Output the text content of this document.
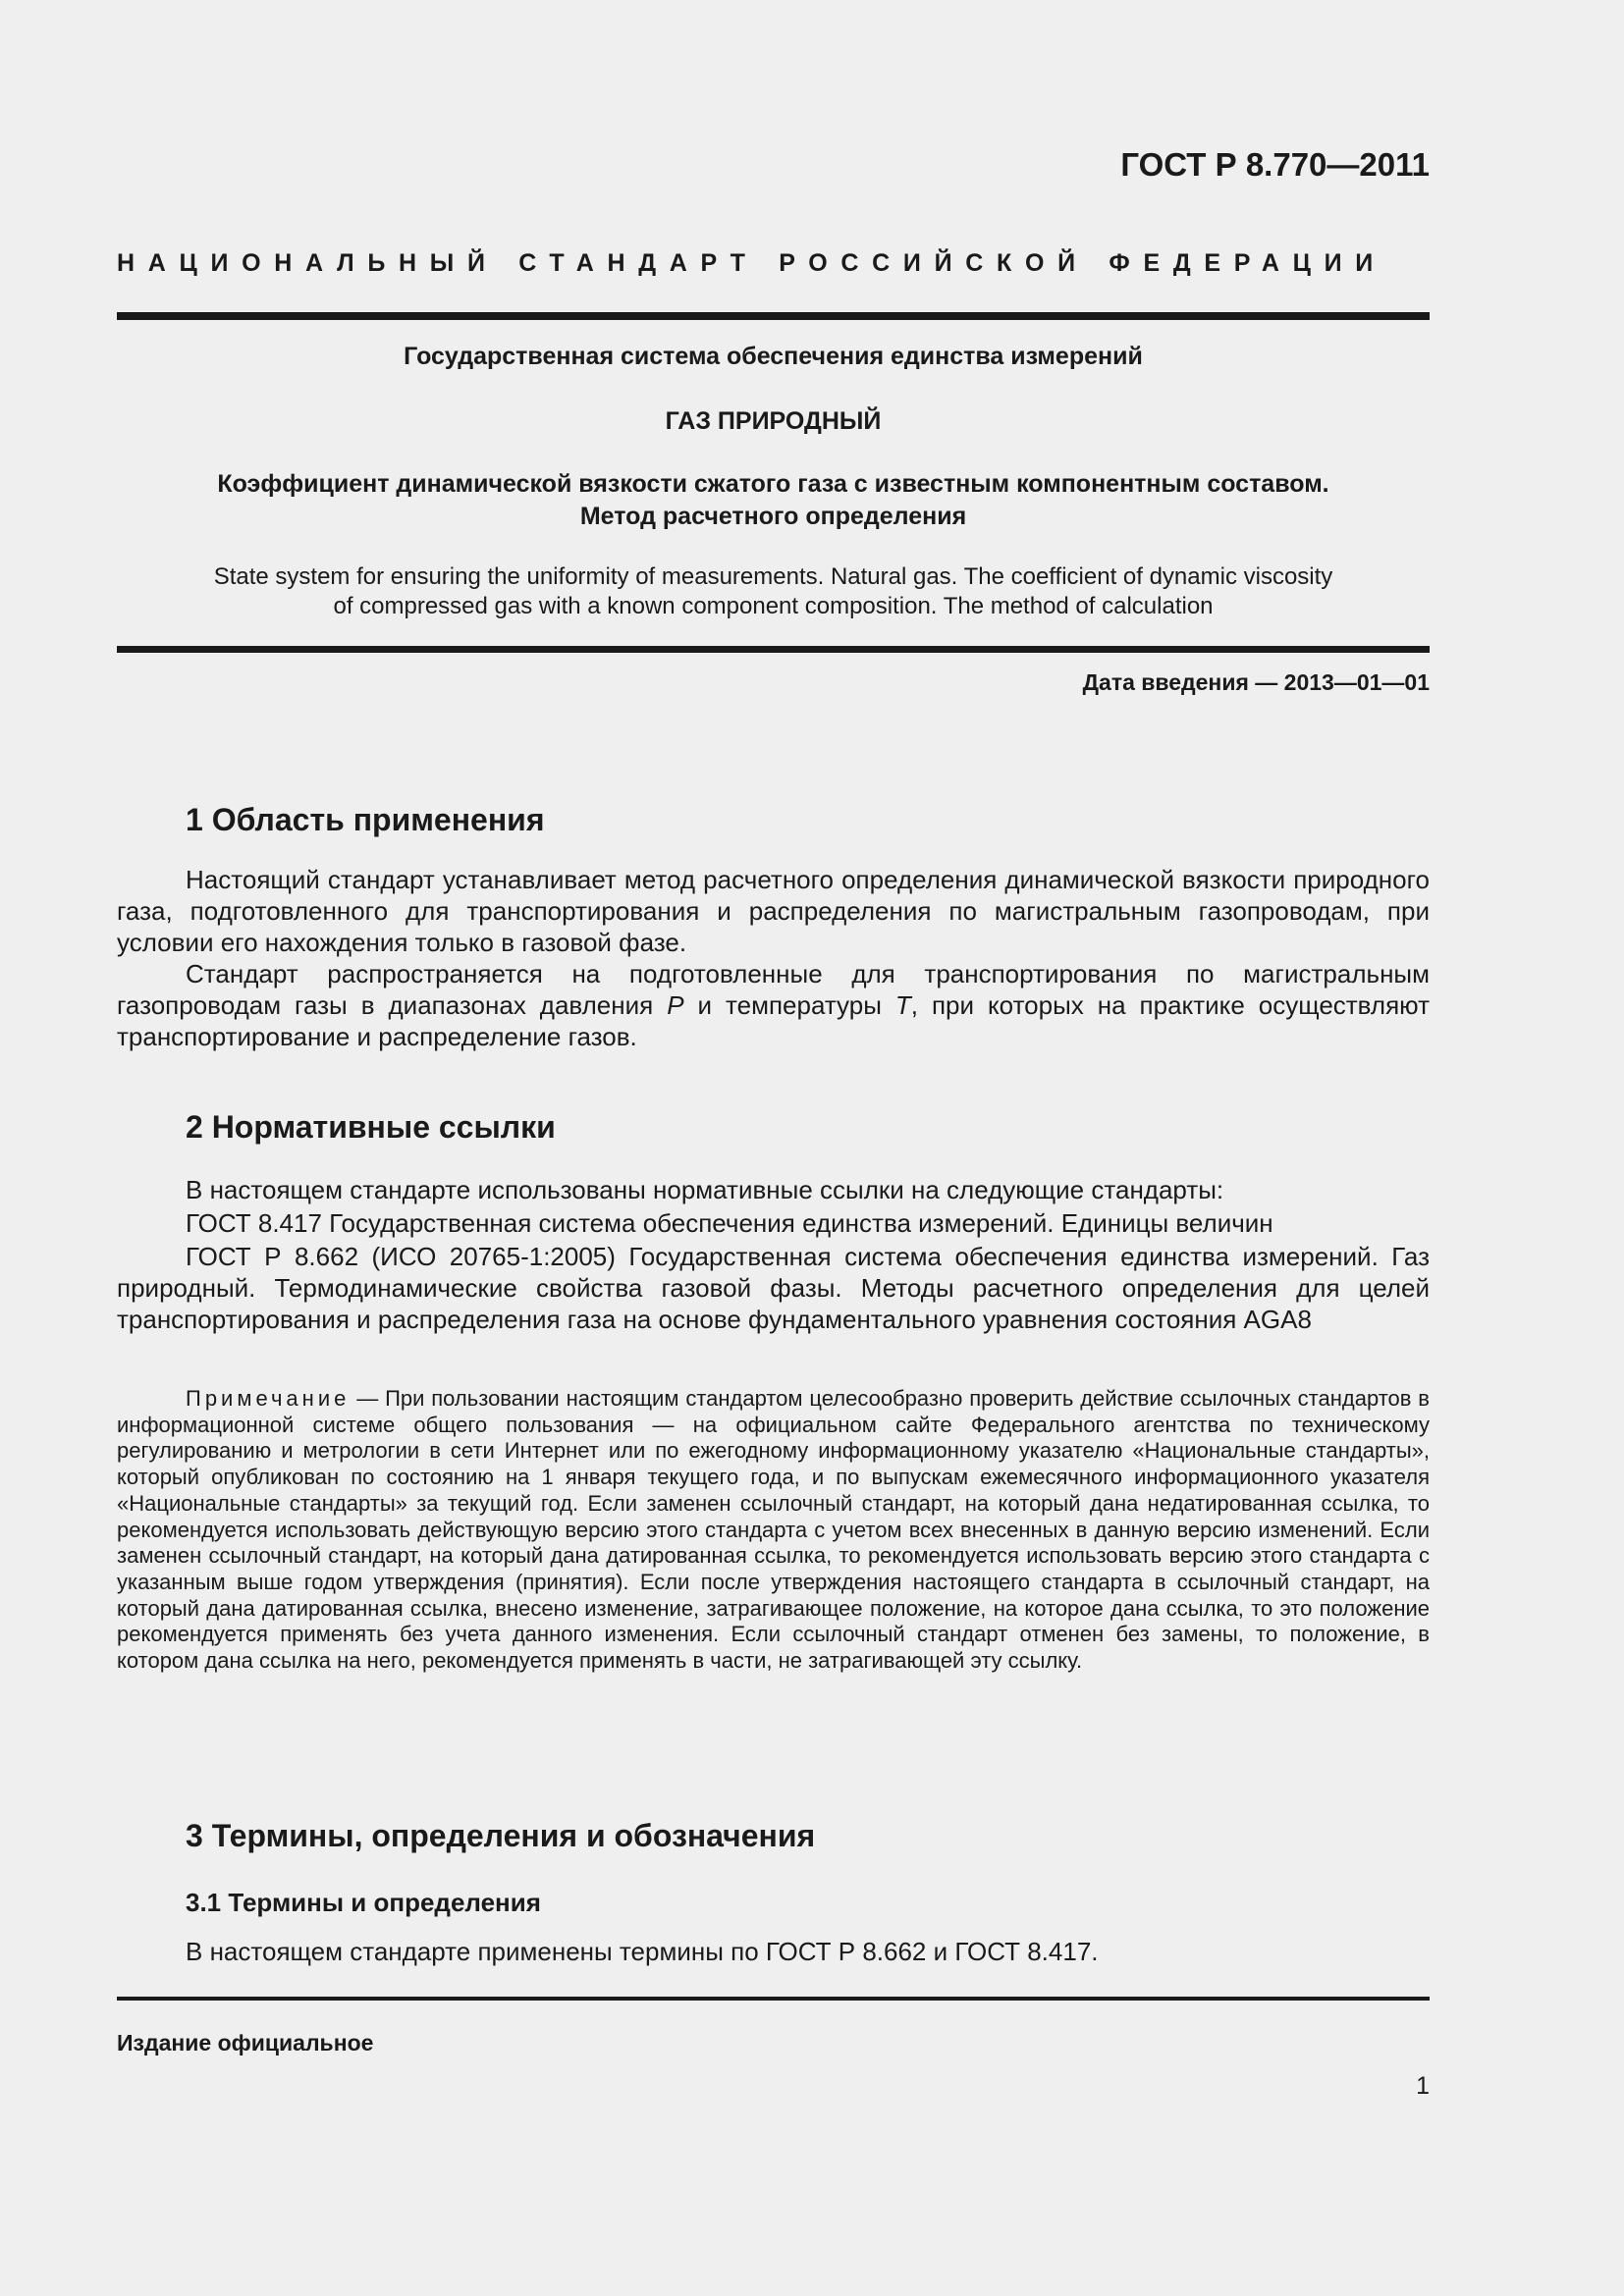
ГОСТ Р 8.770—2011
НАЦИОНАЛЬНЫЙ СТАНДАРТ РОССИЙСКОЙ ФЕДЕРАЦИИ
Государственная система обеспечения единства измерений
ГАЗ ПРИРОДНЫЙ
Коэффициент динамической вязкости сжатого газа с известным компонентным составом.
Метод расчетного определения
State system for ensuring the uniformity of measurements. Natural gas. The coefficient of dynamic viscosity
of compressed gas with a known component composition. The method of calculation
Дата введения — 2013—01—01
1 Область применения

Настоящий стандарт устанавливает метод расчетного определения динамической вязкости природного газа, подготовленного для транспортирования и распределения по магистральным газопроводам, при условии его нахождения только в газовой фазе.

Стандарт распространяется на подготовленные для транспортирования по магистральным газопроводам газы в диапазонах давления P и температуры T, при которых на практике осуществляют транспортирование и распределение газов.

2 Нормативные ссылки

В настоящем стандарте использованы нормативные ссылки на следующие стандарты:

ГОСТ 8.417 Государственная система обеспечения единства измерений. Единицы величин

ГОСТ Р 8.662 (ИСО 20765-1:2005) Государственная система обеспечения единства измерений. Газ природный. Термодинамические свойства газовой фазы. Методы расчетного определения для целей транспортирования и распределения газа на основе фундаментального уравнения состояния AGA8

Примечание — При пользовании настоящим стандартом целесообразно проверить действие ссылочных стандартов в информационной системе общего пользования — на официальном сайте Федерального агентства по техническому регулированию и метрологии в сети Интернет или по ежегодному информационному указателю «Национальные стандарты», который опубликован по состоянию на 1 января текущего года, и по выпускам ежемесячного информационного указателя «Национальные стандарты» за текущий год. Если заменен ссылочный стандарт, на который дана недатированная ссылка, то рекомендуется использовать действующую версию этого стандарта с учетом всех внесенных в данную версию изменений. Если заменен ссылочный стандарт, на который дана датированная ссылка, то рекомендуется использовать версию этого стандарта с указанным выше годом утверждения (принятия). Если после утверждения настоящего стандарта в ссылочный стандарт, на который дана датированная ссылка, внесено изменение, затрагивающее положение, на которое дана ссылка, то это положение рекомендуется применять без учета данного изменения. Если ссылочный стандарт отменен без замены, то положение, в котором дана ссылка на него, рекомендуется применять в части, не затрагивающей эту ссылку.

3 Термины, определения и обозначения
3.1 Термины и определения

В настоящем стандарте применены термины по ГОСТ Р 8.662 и ГОСТ 8.417.

Издание официальное
1
